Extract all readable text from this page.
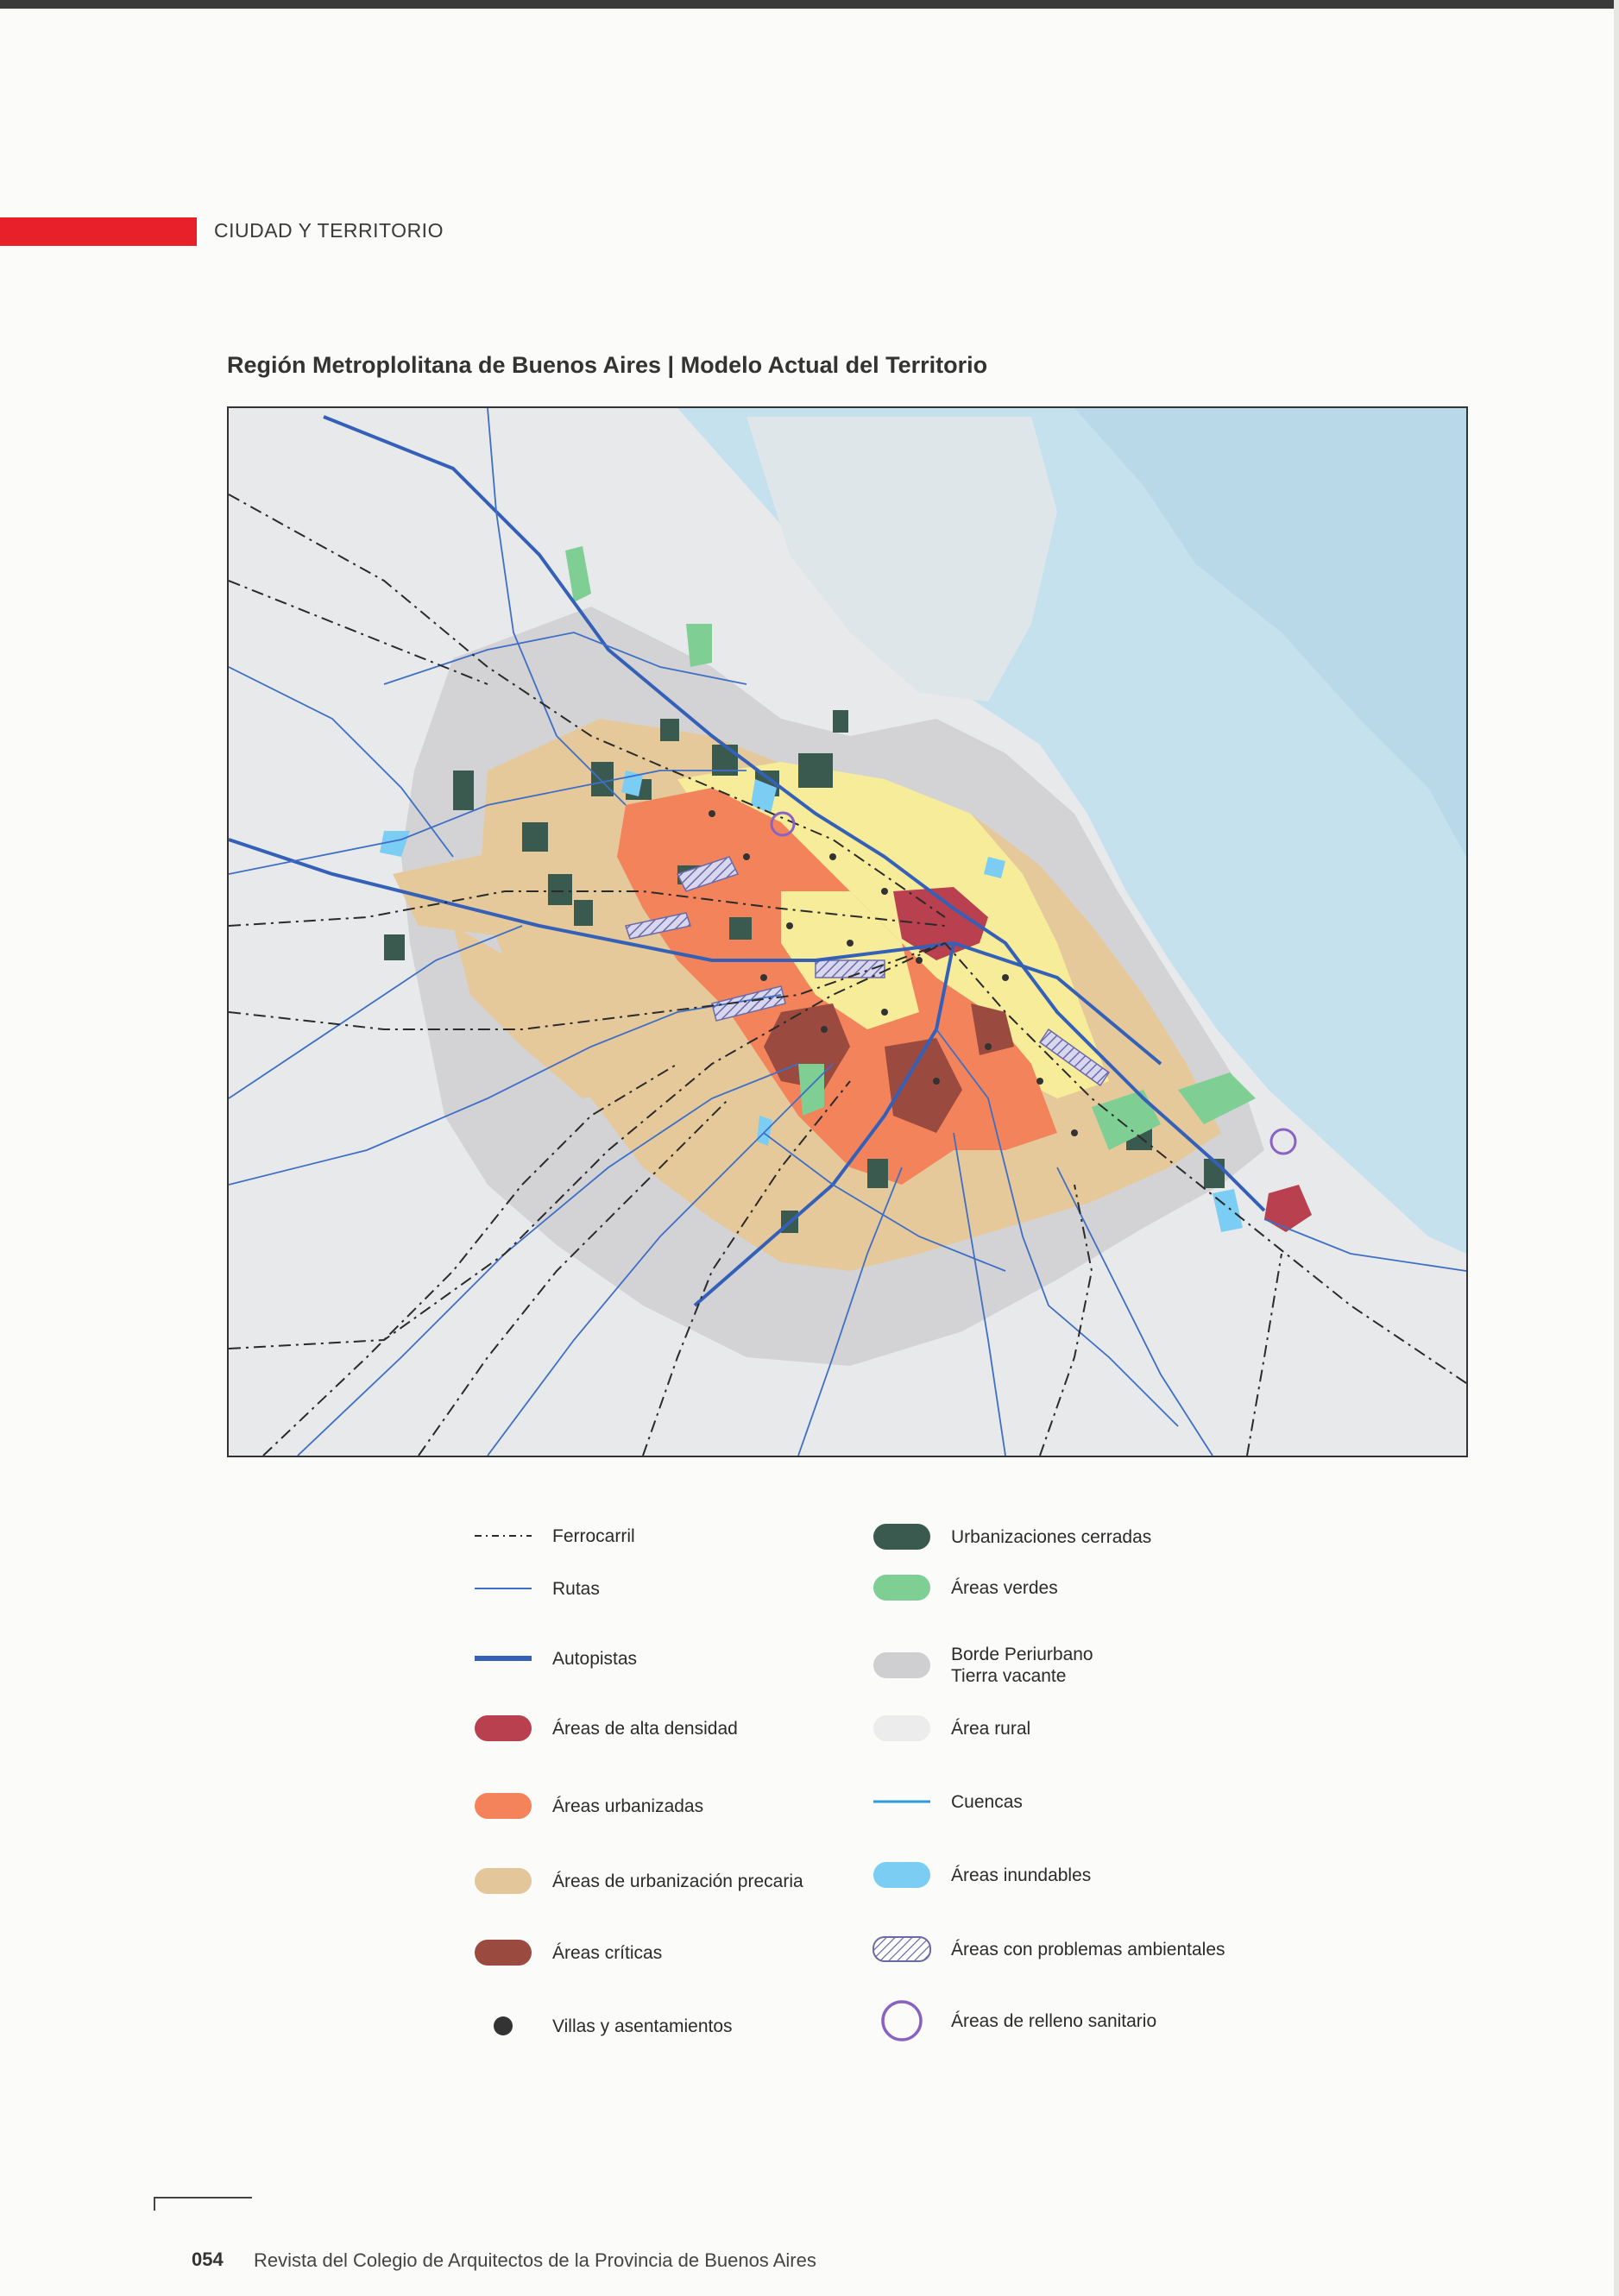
CIUDAD Y TERRITORIO
Región Metroplolitana de Buenos Aires | Modelo Actual del Territorio
Ferrocarril
Rutas
Autopistas
Áreas de alta densidad
Áreas urbanizadas
Áreas de urbanización precaria
Áreas críticas
Villas y asentamientos
Urbanizaciones cerradas
Áreas verdes
Borde Periurbano
Tierra vacante
Área rural
Cuencas
Áreas inundables
Áreas con problemas ambientales
Áreas de relleno sanitario
054 Revista del Colegio de Arquitectos de la Provincia de Buenos Aires
